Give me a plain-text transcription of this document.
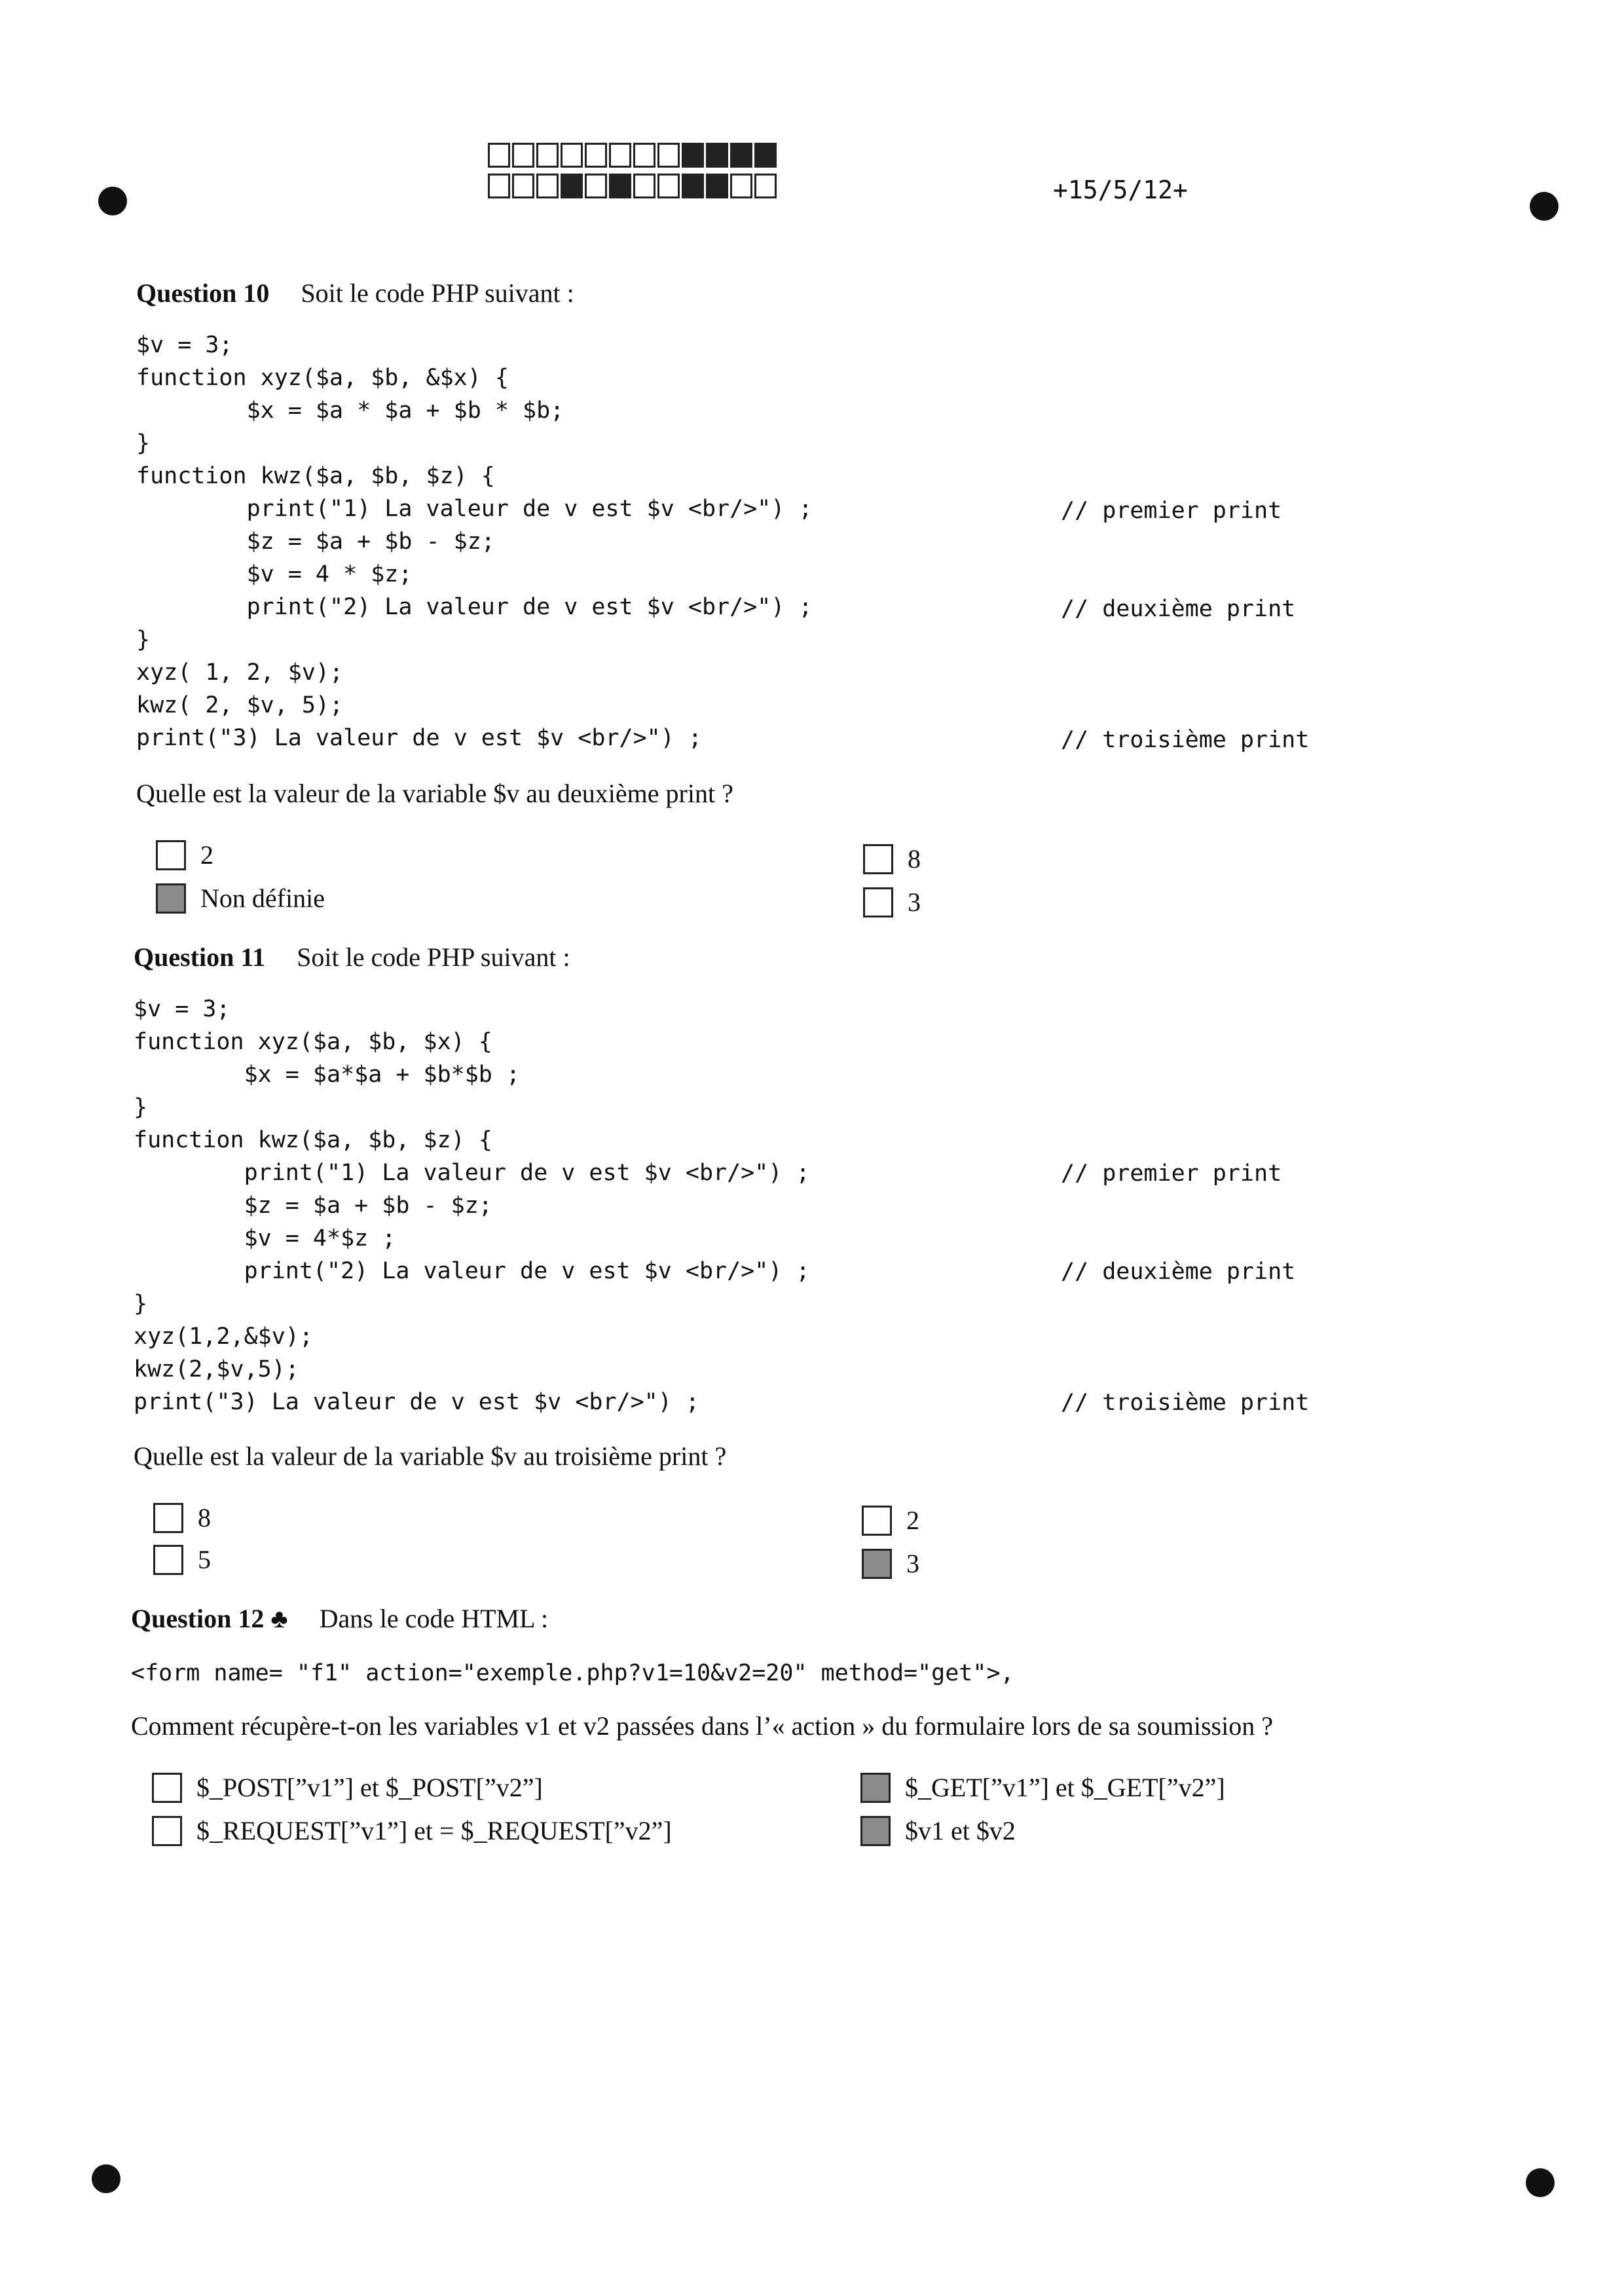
+15/5/12+
Question 10 Soit le code PHP suivant :
$v = 3;
function xyz($a, $b, &$x) {
$x = $a * $a + $b * $b;
}
function kwz($a, $b, $z) {
print("1) La valeur de v est $v <br/>") ;
$z = $a + $b - $z;
$v = 4 * $z;
print("2) La valeur de v est $v <br/>") ;
}
xyz( 1, 2, $v);
kwz( 2, $v, 5);
print("3) La valeur de v est $v <br/>") ;
// premier print
// deuxième print
// troisième print
Quelle est la valeur de la variable $v au deuxième print ?
2
Non définie
8
3
Question 11 Soit le code PHP suivant :
$v = 3;
function xyz($a, $b, $x) {
$x = $a*$a + $b*$b ;
}
function kwz($a, $b, $z) {
print("1) La valeur de v est $v <br/>") ;
$z = $a + $b - $z;
$v = 4*$z ;
print("2) La valeur de v est $v <br/>") ;
}
xyz(1,2,&$v);
kwz(2,$v,5);
print("3) La valeur de v est $v <br/>") ;
// premier print
// deuxième print
// troisième print
Quelle est la valeur de la variable $v au troisième print ?
8
5
2
3
Question 12 ♣ Dans le code HTML :
<form name= "f1" action="exemple.php?v1=10&v2=20" method="get">,
Comment récupère-t-on les variables v1 et v2 passées dans l’« action » du formulaire lors de sa soumission ?
$_POST[”v1”] et $_POST[”v2”]
$_REQUEST[”v1”] et = $_REQUEST[”v2”]
$_GET[”v1”] et $_GET[”v2”]
$v1 et $v2
